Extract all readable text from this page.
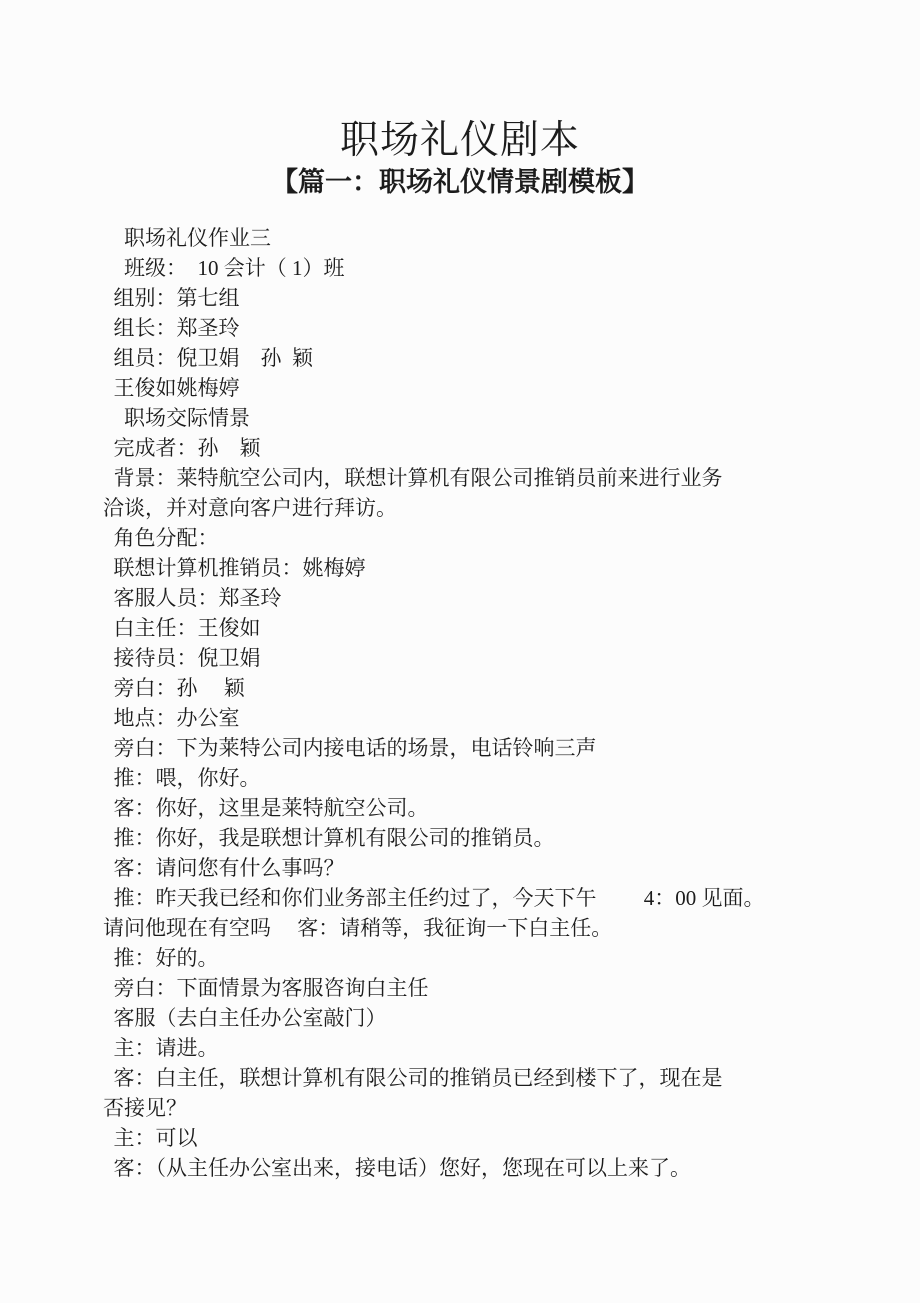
职场礼仪剧本
【篇一：职场礼仪情景剧模板】
　职场礼仪作业三
　班级：　10 会计（ 1）班
组别：第七组
组长：郑圣玲
组员：倪卫娟　孙  颖
王俊如姚梅婷
　职场交际情景
完成者：孙　颖
背景：莱特航空公司内，联想计算机有限公司推销员前来进行业务
洽谈，并对意向客户进行拜访。
角色分配：
联想计算机推销员：姚梅婷
客服人员：郑圣玲
白主任：王俊如
接待员：倪卫娟
旁白：孙　 颖
地点：办公室
旁白：下为莱特公司内接电话的场景，电话铃响三声
推：喂，你好。
客：你好，这里是莱特航空公司。
推：你好，我是联想计算机有限公司的推销员。
客：请问您有什么事吗？
推：昨天我已经和你们业务部主任约过了，今天下午　　 4：00 见面。
请问他现在有空吗　 客：请稍等，我征询一下白主任。
推：好的。
旁白：下面情景为客服咨询白主任
客服（去白主任办公室敲门）
主：请进。
客：白主任，联想计算机有限公司的推销员已经到楼下了，现在是
否接见？
主：可以
客：（从主任办公室出来，接电话）您好，您现在可以上来了。
